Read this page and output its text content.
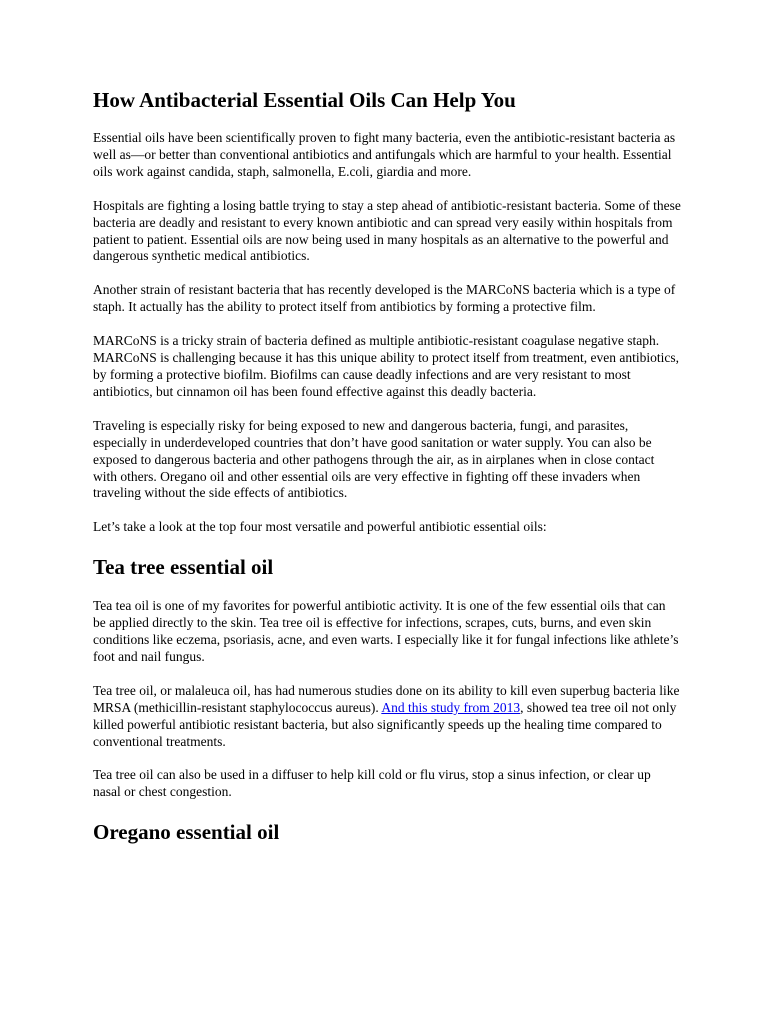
How Antibacterial Essential Oils Can Help You

Essential oils have been scientifically proven to fight many bacteria, even the antibiotic-resistant bacteria as well as—or better than conventional antibiotics and antifungals which are harmful to your health. Essential oils work against candida, staph, salmonella, E.coli, giardia and more.

Hospitals are fighting a losing battle trying to stay a step ahead of antibiotic-resistant bacteria. Some of these bacteria are deadly and resistant to every known antibiotic and can spread very easily within hospitals from patient to patient. Essential oils are now being used in many hospitals as an alternative to the powerful and dangerous synthetic medical antibiotics.

Another strain of resistant bacteria that has recently developed is the MARCoNS bacteria which is a type of staph. It actually has the ability to protect itself from antibiotics by forming a protective film.

MARCoNS is a tricky strain of bacteria defined as multiple antibiotic-resistant coagulase negative staph. MARCoNS is challenging because it has this unique ability to protect itself from treatment, even antibiotics, by forming a protective biofilm. Biofilms can cause deadly infections and are very resistant to most antibiotics, but cinnamon oil has been found effective against this deadly bacteria.

Traveling is especially risky for being exposed to new and dangerous bacteria, fungi, and parasites, especially in underdeveloped countries that don’t have good sanitation or water supply. You can also be exposed to dangerous bacteria and other pathogens through the air, as in airplanes when in close contact with others. Oregano oil and other essential oils are very effective in fighting off these invaders when traveling without the side effects of antibiotics.

Let’s take a look at the top four most versatile and powerful antibiotic essential oils:

Tea tree essential oil

Tea tea oil is one of my favorites for powerful antibiotic activity. It is one of the few essential oils that can be applied directly to the skin. Tea tree oil is effective for infections, scrapes, cuts, burns, and even skin conditions like eczema, psoriasis, acne, and even warts. I especially like it for fungal infections like athlete’s foot and nail fungus.

Tea tree oil, or malaleuca oil, has had numerous studies done on its ability to kill even superbug bacteria like MRSA (methicillin-resistant staphylococcus aureus). And this study from 2013, showed tea tree oil not only killed powerful antibiotic resistant bacteria, but also significantly speeds up the healing time compared to conventional treatments.

Tea tree oil can also be used in a diffuser to help kill cold or flu virus, stop a sinus infection, or clear up nasal or chest congestion.

Oregano essential oil
